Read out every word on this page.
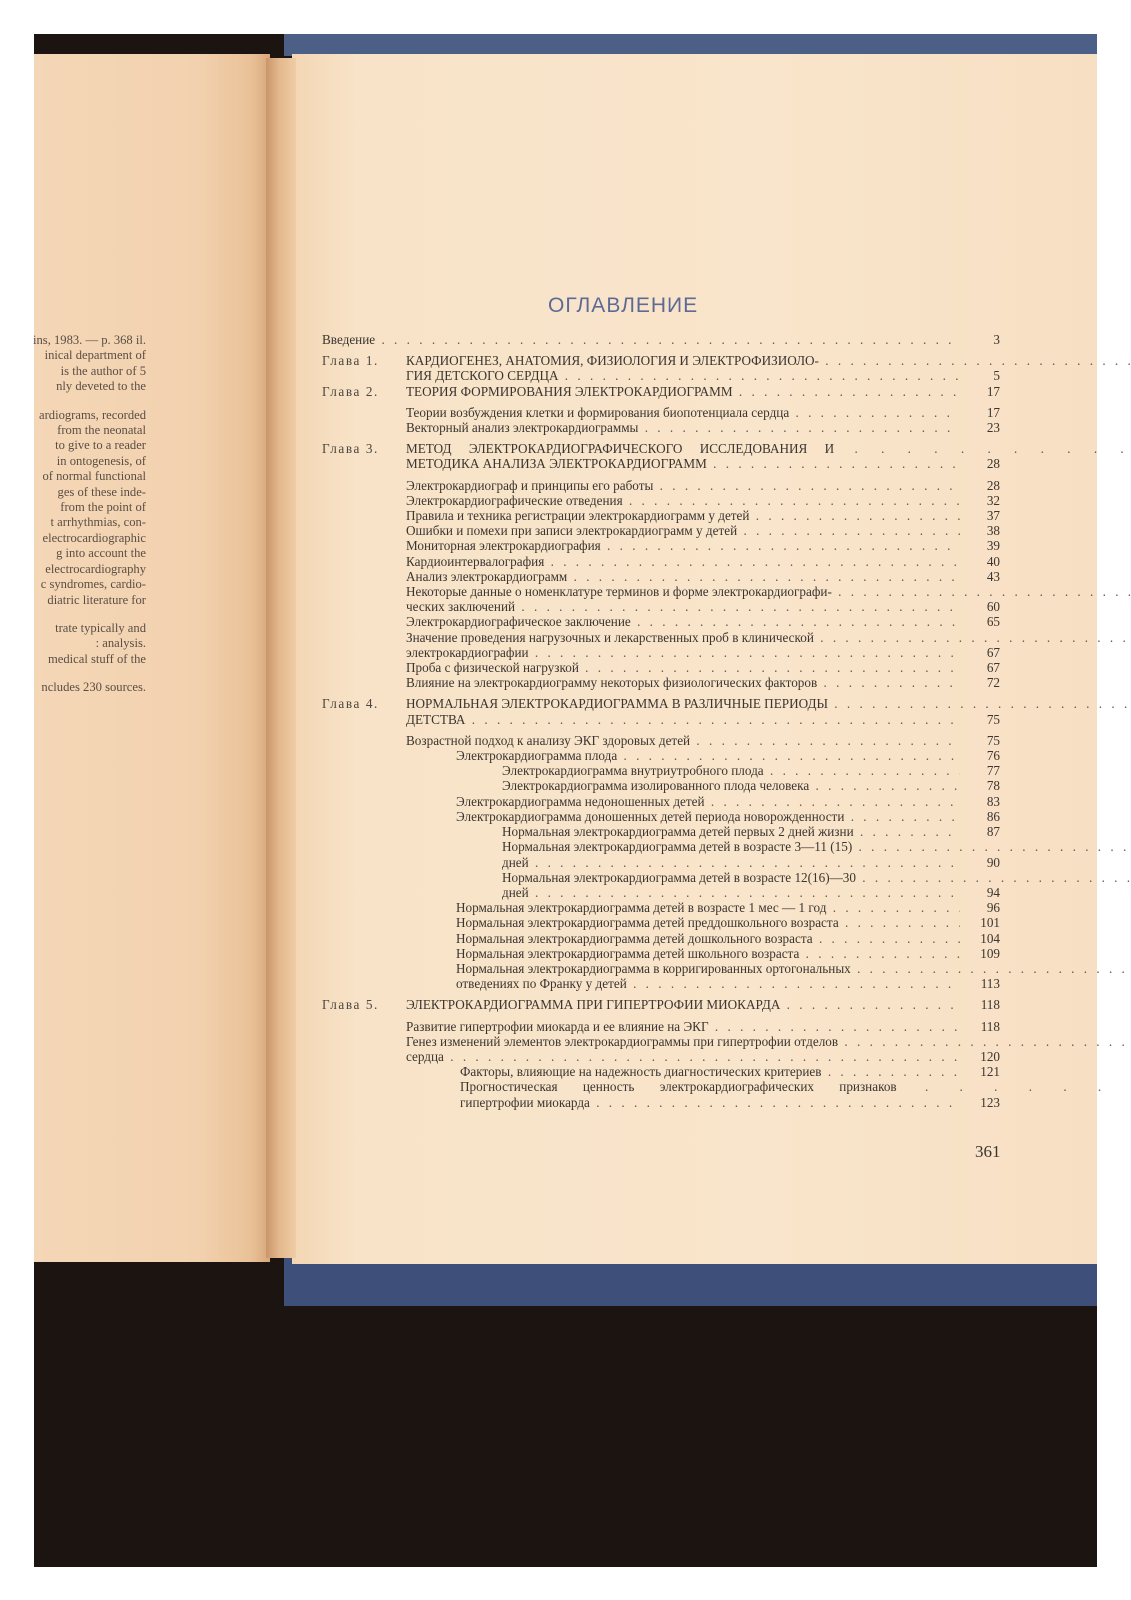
ins, 1983. — p. 368 il.
inical department of
is the author of 5
nly deveted to the
ardiograms, recorded
from the neonatal
to give to a reader
in ontogenesis, of
of normal functional
ges of these inde-
from the point of
t arrhythmias, con-
electrocardiographic
g into account the
electrocardiography
c syndromes, cardio-
diatric literature for
trate typically and
: analysis.
medical stuff of the
ncludes 230 sources.
ОГЛАВЛЕНИЕ
Введение . . .	3
Глава 1.	КАРДИОГЕНЕЗ, АНАТОМИЯ, ФИЗИОЛОГИЯ И ЭЛЕКТРОФИЗИОЛО- . . .
ГИЯ ДЕТСКОГО СЕРДЦА . . .	5
Глава 2.	ТЕОРИЯ ФОРМИРОВАНИЯ ЭЛЕКТРОКАРДИОГРАММ . . .	17
Теории возбуждения клетки и формирования биопотенциала сердца . . .	17
Векторный анализ электрокардиограммы . . .	23
Глава 3.	МЕТОД ЭЛЕКТРОКАРДИОГРАФИЧЕСКОГО ИССЛЕДОВАНИЯ И . . .
МЕТОДИКА АНАЛИЗА ЭЛЕКТРОКАРДИОГРАММ . . .	28
Электрокардиограф и принципы его работы . . .	28
Электрокардиографические отведения . . .	32
Правила и техника регистрации электрокардиограмм у детей . . .	37
Ошибки и помехи при записи электрокардиограмм у детей . . .	38
Мониторная электрокардиография . . .	39
Кардиоинтервалография . . .	40
Анализ электрокардиограмм . . .	43
Некоторые данные о номенклатуре терминов и форме электрокардиографи- . . .
ческих заключений . . .	60
Электрокардиографическое заключение . . .	65
Значение проведения нагрузочных и лекарственных проб в клинической . . .
электрокардиографии . . .	67
Проба с физической нагрузкой . . .	67
Влияние на электрокардиограмму некоторых физиологических факторов . . .	72
Глава 4.	НОРМАЛЬНАЯ ЭЛЕКТРОКАРДИОГРАММА В РАЗЛИЧНЫЕ ПЕРИОДЫ . . .
ДЕТСТВА . . .	75
Возрастной подход к анализу ЭКГ здоровых детей . . .	75
Электрокардиограмма плода . . .	76
Электрокардиограмма внутриутробного плода . . .	77
Электрокардиограмма изолированного плода человека . . .	78
Электрокардиограмма недоношенных детей . . .	83
Электрокардиограмма доношенных детей периода новорожденности . . .	86
Нормальная электрокардиограмма детей первых 2 дней жизни . . .	87
Нормальная электрокардиограмма детей в возрасте 3—11 (15) . . .
дней . . .	90
Нормальная электрокардиограмма детей в возрасте 12(16)—30 . . .
дней . . .	94
Нормальная электрокардиограмма детей в возрасте 1 мес — 1 год . . .	96
Нормальная электрокардиограмма детей преддошкольного возраста . . .	101
Нормальная электрокардиограмма детей дошкольного возраста . . .	104
Нормальная электрокардиограмма детей школьного возраста . . .	109
Нормальная электрокардиограмма в корригированных ортогональных . . .
отведениях по Франку у детей . . .	113
Глава 5.	ЭЛЕКТРОКАРДИОГРАММА ПРИ ГИПЕРТРОФИИ МИОКАРДА . . .	118
Развитие гипертрофии миокарда и ее влияние на ЭКГ . . .	118
Генез изменений элементов электрокардиограммы при гипертрофии отделов . . .
сердца . . .	120
Факторы, влияющие на надежность диагностических критериев . . .	121
Прогностическая ценность электрокардиографических признаков . . .
гипертрофии миокарда . . .	123
361
